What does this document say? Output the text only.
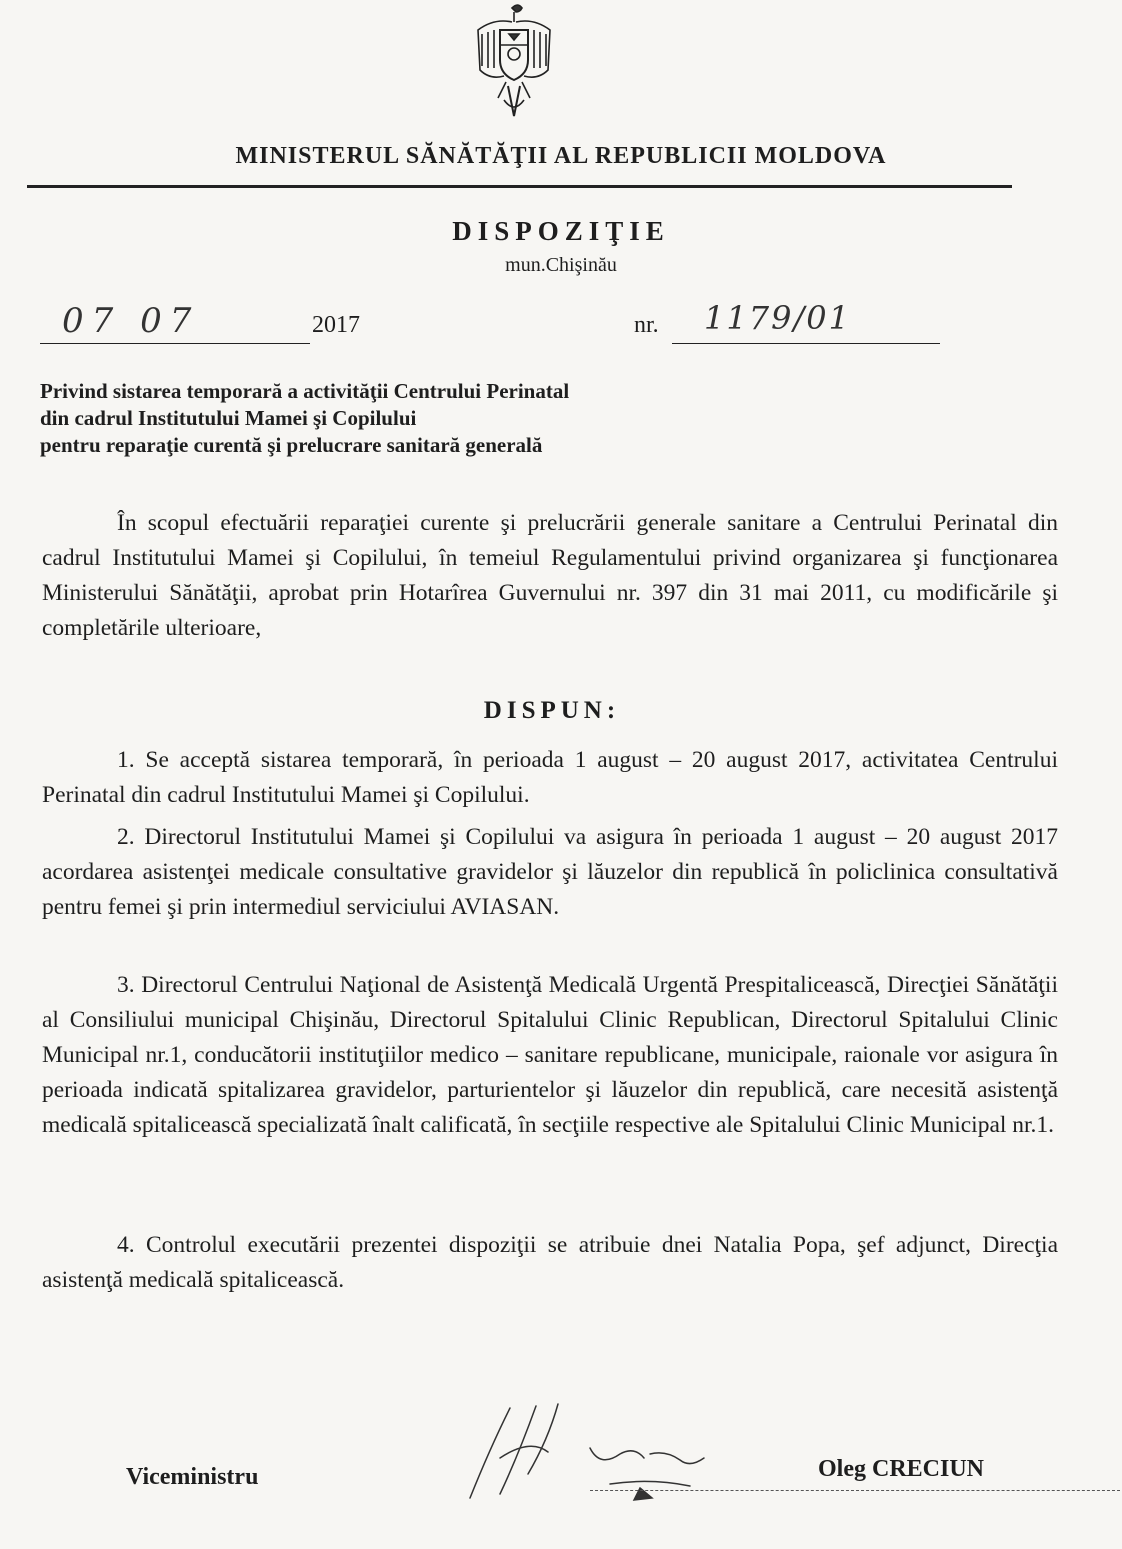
MINISTERUL SĂNĂTĂŢII AL REPUBLICII MOLDOVA
DISPOZIŢIE
mun.Chişinău
07 07	2017	nr. 1179/01
Privind sistarea temporară a activităţii Centrului Perinatal
din cadrul Institutului Mamei şi Copilului
pentru reparaţie curentă şi prelucrare sanitară generală
În scopul efectuării reparaţiei curente şi prelucrării generale sanitare a Centrului Perinatal din cadrul Institutului Mamei şi Copilului, în temeiul Regulamentului privind organizarea şi funcţionarea Ministerului Sănătăţii, aprobat prin Hotarîrea Guvernului nr. 397 din 31 mai 2011, cu modificările şi completările ulterioare,
DISPUN:
1. Se acceptă sistarea temporară, în perioada 1 august – 20 august 2017, activitatea Centrului Perinatal din cadrul Institutului Mamei şi Copilului.
2. Directorul Institutului Mamei şi Copilului va asigura în perioada 1 august – 20 august 2017 acordarea asistenţei medicale consultative gravidelor şi lăuzelor din republică în policlinica consultativă pentru femei şi prin intermediul serviciului AVIASAN.
3. Directorul Centrului Naţional de Asistenţă Medicală Urgentă Prespitalicească, Direcţiei Sănătăţii al Consiliului municipal Chişinău, Directorul Spitalului Clinic Republican, Directorul Spitalului Clinic Municipal nr.1, conducătorii instituţiilor medico – sanitare republicane, municipale, raionale vor asigura în perioada indicată spitalizarea gravidelor, parturientelor şi lăuzelor din republică, care necesită asistenţă medicală spitalicească specializată înalt calificată, în secţiile respective ale Spitalului Clinic Municipal nr.1.
4. Controlul executării prezentei dispoziţii se atribuie dnei Natalia Popa, şef adjunct, Direcţia asistenţă medicală spitalicească.
Viceministru	Oleg CRECIUN
